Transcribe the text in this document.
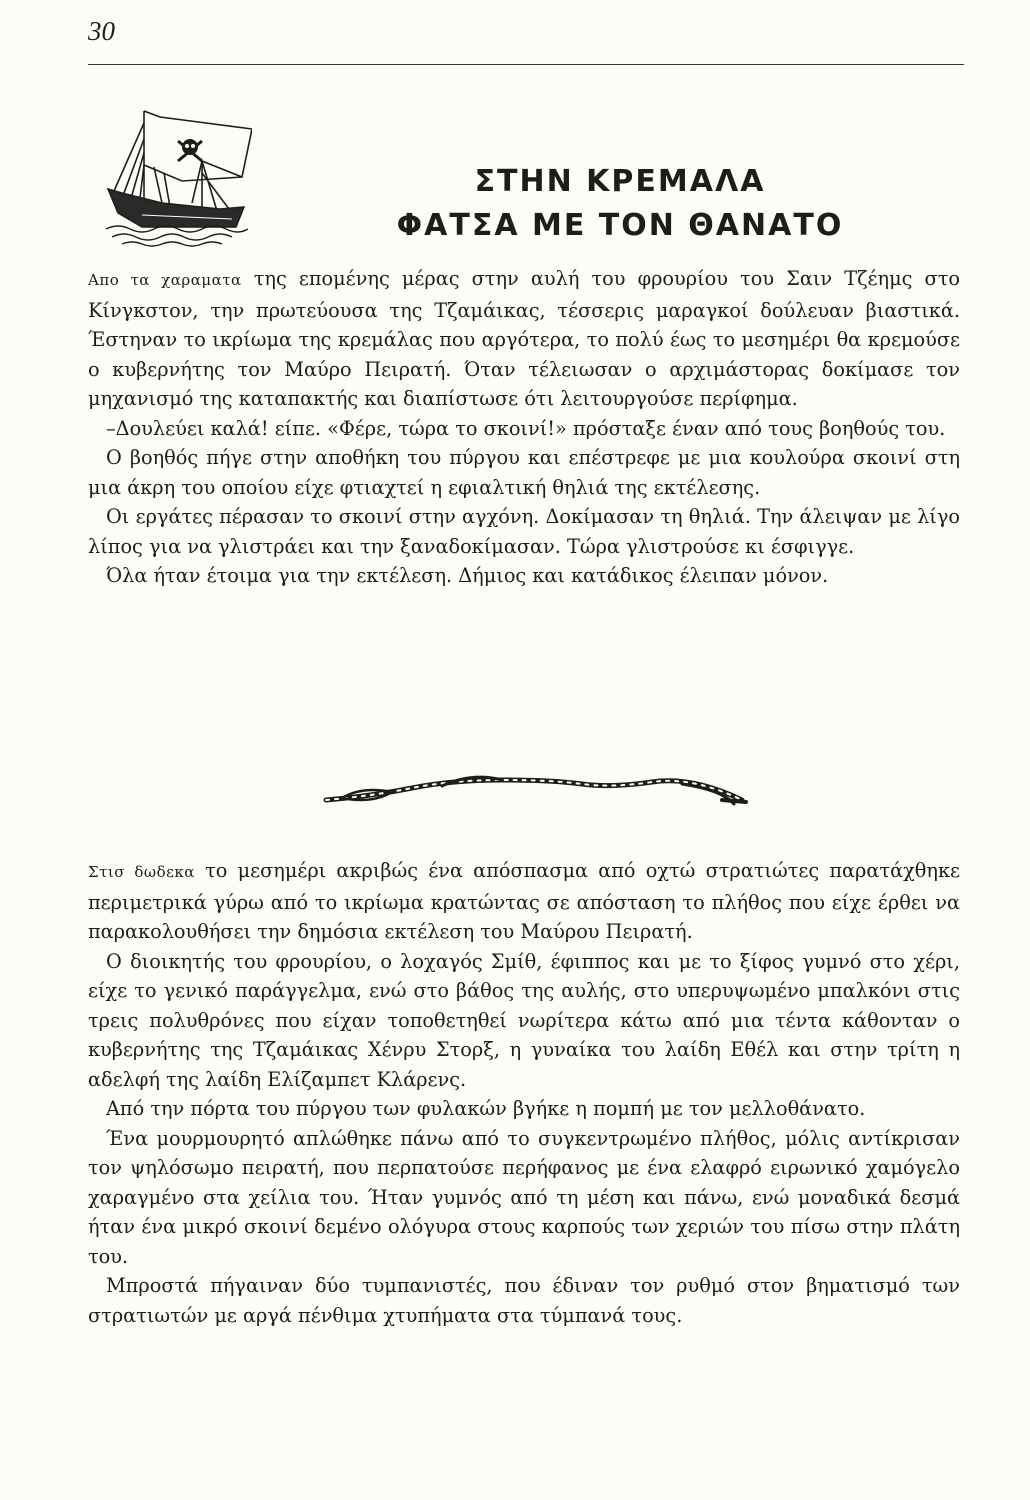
30
ΣΤΗΝ ΚΡΕΜΑΛΑ
ΦΑΤΣΑ ΜΕ ΤΟΝ ΘΑΝΑΤΟ

Aπο τα χαραματα της επομένης μέρας στην αυλή του φρουρίου του Σαιν Τζέημς στο Κίνγκστον, την πρωτεύουσα της Τζαμάικας, τέσσερις μαραγκοί δούλευαν βιαστικά. Έστηναν το ικρίωμα της κρεμάλας που αργότερα, το πολύ έως το μεσημέρι θα κρεμούσε ο κυβερνήτης τον Μαύρο Πειρατή. Όταν τέλειωσαν ο αρχιμάστορας δοκίμασε τον μηχανισμό της καταπακτής και διαπίστωσε ότι λειτουργούσε περίφημα.

–Δουλεύει καλά! είπε. «Φέρε, τώρα το σκοινί!» πρόσταξε έναν από τους βοηθούς του.

Ο βοηθός πήγε στην αποθήκη του πύργου και επέστρεφε με μια κουλούρα σκοινί στη μια άκρη του οποίου είχε φτιαχτεί η εφιαλτική θηλιά της εκτέλεσης.

Οι εργάτες πέρασαν το σκοινί στην αγχόνη. Δοκίμασαν τη θηλιά. Την άλειψαν με λίγο λίπος για να γλιστράει και την ξαναδοκίμασαν. Τώρα γλιστρούσε κι έσφιγγε.

Όλα ήταν έτοιμα για την εκτέλεση. Δήμιος και κατάδικος έλειπαν μόνον.

Στισ δωδεκα το μεσημέρι ακριβώς ένα απόσπασμα από οχτώ στρατιώτες παρατάχθηκε περιμετρικά γύρω από το ικρίωμα κρατώντας σε απόσταση το πλήθος που είχε έρθει να παρακολουθήσει την δημόσια εκτέλεση του Μαύρου Πειρατή.

Ο διοικητής του φρουρίου, ο λοχαγός Σμίθ, έφιππος και με το ξίφος γυμνό στο χέρι, είχε το γενικό παράγγελμα, ενώ στο βάθος της αυλής, στο υπερυψωμένο μπαλκόνι στις τρεις πολυθρόνες που είχαν τοποθετηθεί νωρίτερα κάτω από μια τέντα κάθονταν ο κυβερνήτης της Τζαμάικας Χένρυ Στορξ, η γυναίκα του λαίδη Εθέλ και στην τρίτη η αδελφή της λαίδη Ελίζαμπετ Κλάρενς.

Από την πόρτα του πύργου των φυλακών βγήκε η πομπή με τον μελλοθάνατο.

Ένα μουρμουρητό απλώθηκε πάνω από το συγκεντρωμένο πλήθος, μόλις αντίκρισαν τον ψηλόσωμο πειρατή, που περπατούσε περήφανος με ένα ελαφρό ειρωνικό χαμόγελο χαραγμένο στα χείλια του. Ήταν γυμνός από τη μέση και πάνω, ενώ μοναδικά δεσμά ήταν ένα μικρό σκοινί δεμένο ολόγυρα στους καρπούς των χεριών του πίσω στην πλάτη του.

Μπροστά πήγαιναν δύο τυμπανιστές, που έδιναν τον ρυθμό στον βηματισμό των στρατιωτών με αργά πένθιμα χτυπήματα στα τύμπανά τους.
